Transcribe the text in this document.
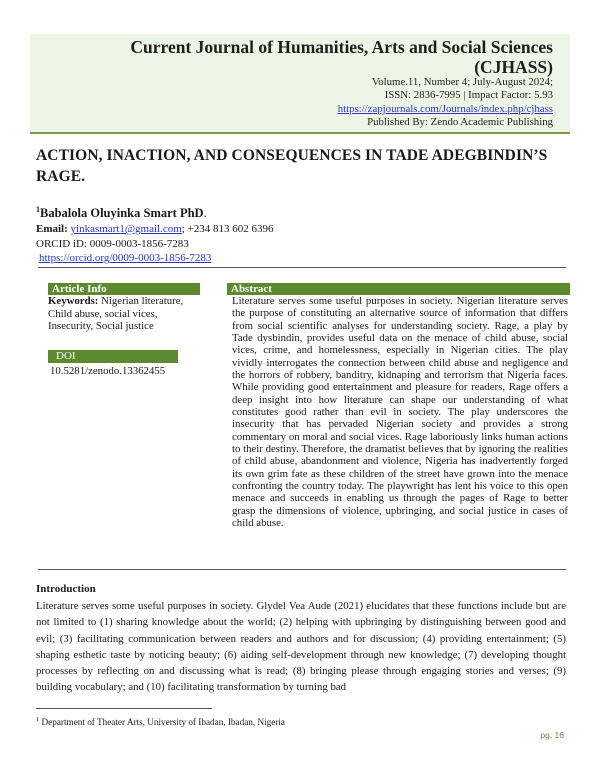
Current Journal of Humanities, Arts and Social Sciences
(CJHASS)
Volume.11, Number 4; July-August 2024;
ISSN: 2836-7995 | Impact Factor: 5.93
https://zapjournals.com/Journals/index.php/cjhass
Published By: Zendo Academic Publishing
ACTION, INACTION, AND CONSEQUENCES IN TADE ADEGBINDIN’S RAGE.
$^1$Babalola Oluyinka Smart PhD.
Email: yinkasmart1@gmail.com; +234 813 602 6396
ORCID iD: 0009-0003-1856-7283
https://orcid.org/0009-0003-1856-7283
Article Info
Keywords: Nigerian literature, Child abuse, social vices, Insecurity, Social justice
DOI
10.5281/zenodo.13362455
Abstract
Literature serves some useful purposes in society. Nigerian literature serves the purpose of constituting an alternative source of information that differs from social scientific analyses for understanding society. Rage, a play by Tade dysbindin, provides useful data on the menace of child abuse, social vices, crime, and homelessness, especially in Nigerian cities. The play vividly interrogates the connection between child abuse and negligence and the horrors of robbery, banditry, kidnaping and terrorism that Nigeria faces. While providing good entertainment and pleasure for readers, Rage offers a deep insight into how literature can shape our understanding of what constitutes good rather than evil in society. The play underscores the insecurity that has pervaded Nigerian society and provides a strong commentary on moral and social vices. Rage laboriously links human actions to their destiny. Therefore, the dramatist believes that by ignoring the realities of child abuse, abandonment and violence, Nigeria has inadvertently forged its own grim fate as these children of the street have grown into the menace confronting the country today. The playwright has lent his voice to this open menace and succeeds in enabling us through the pages of Rage to better grasp the dimensions of violence, upbringing, and social justice in cases of child abuse.
Introduction
Literature serves some useful purposes in society. Glydel Vea Aude (2021) elucidates that these functions include but are not limited to (1) sharing knowledge about the world; (2) helping with upbringing by distinguishing between good and evil; (3) facilitating communication between readers and authors and for discussion; (4) providing entertainment; (5) shaping esthetic taste by noticing beauty; (6) aiding self-development through new knowledge; (7) developing thought processes by reflecting on and discussing what is read; (8) bringing please through engaging stories and verses; (9) building vocabulary; and (10) facilitating transformation by turning bad
$^1$ Department of Theater Arts, University of Ibadan, Ibadan, Nigeria
pg. 16
